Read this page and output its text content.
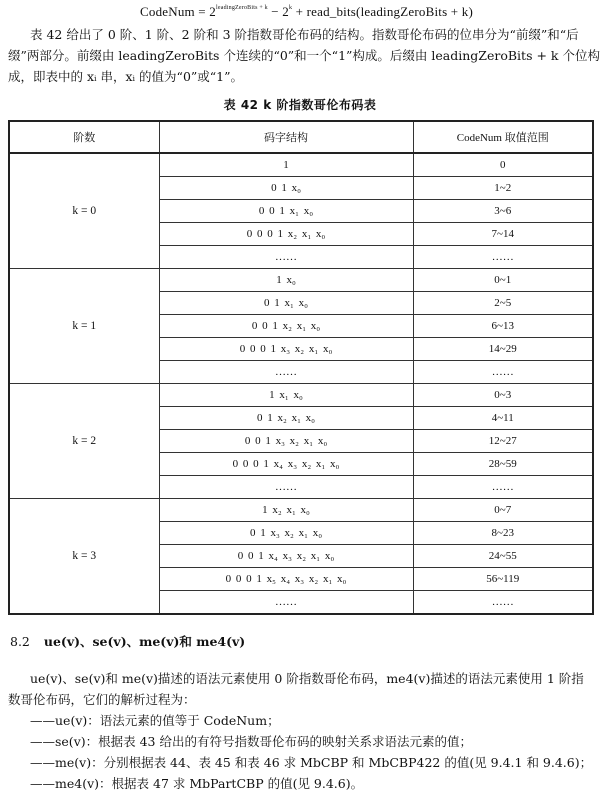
CodeNum = $2^{leadingZeroBits + k} - 2^k$ + read_bits(leadingZeroBits + k)
表 42 给出了 0 阶、1 阶、2 阶和 3 阶指数哥伦布码的结构。指数哥伦布码的位串分为“前缀”和“后
缀”两部分。前缀由 leadingZeroBits 个连续的“0”和一个“1”构成。后缀由 leadingZeroBits + k 个位构
成，即表中的 xᵢ 串，xᵢ 的值为“0”或“1”。
表 42 k 阶指数哥伦布码表
阶数	码字结构	CodeNum 取值范围
k = 0	1	0
	0 1 x₀	1~2
	0 0 1 x₁ x₀	3~6
	0 0 0 1 x₂ x₁ x₀	7~14
	……	……
k = 1	1 x₀	0~1
	0 1 x₁ x₀	2~5
	0 0 1 x₂ x₁ x₀	6~13
	0 0 0 1 x₃ x₂ x₁ x₀	14~29
	……	……
k = 2	1 x₁ x₀	0~3
	0 1 x₂ x₁ x₀	4~11
	0 0 1 x₃ x₂ x₁ x₀	12~27
	0 0 0 1 x₄ x₃ x₂ x₁ x₀	28~59
	……	……
k = 3	1 x₂ x₁ x₀	0~7
	0 1 x₃ x₂ x₁ x₀	8~23
	0 0 1 x₄ x₃ x₂ x₁ x₀	24~55
	0 0 0 1 x₅ x₄ x₃ x₂ x₁ x₀	56~119
	……	……
8.2 ue(v)、se(v)、me(v)和 me4(v)
ue(v)、se(v)和 me(v)描述的语法元素使用 0 阶指数哥伦布码，me4(v)描述的语法元素使用 1 阶指
数哥伦布码，它们的解析过程为：
——ue(v)：语法元素的值等于 CodeNum；
——se(v)：根据表 43 给出的有符号指数哥伦布码的映射关系求语法元素的值；
——me(v)：分别根据表 44、表 45 和表 46 求 MbCBP 和 MbCBP422 的值(见 9.4.1 和 9.4.6)；
——me4(v)：根据表 47 求 MbPartCBP 的值(见 9.4.6)。
